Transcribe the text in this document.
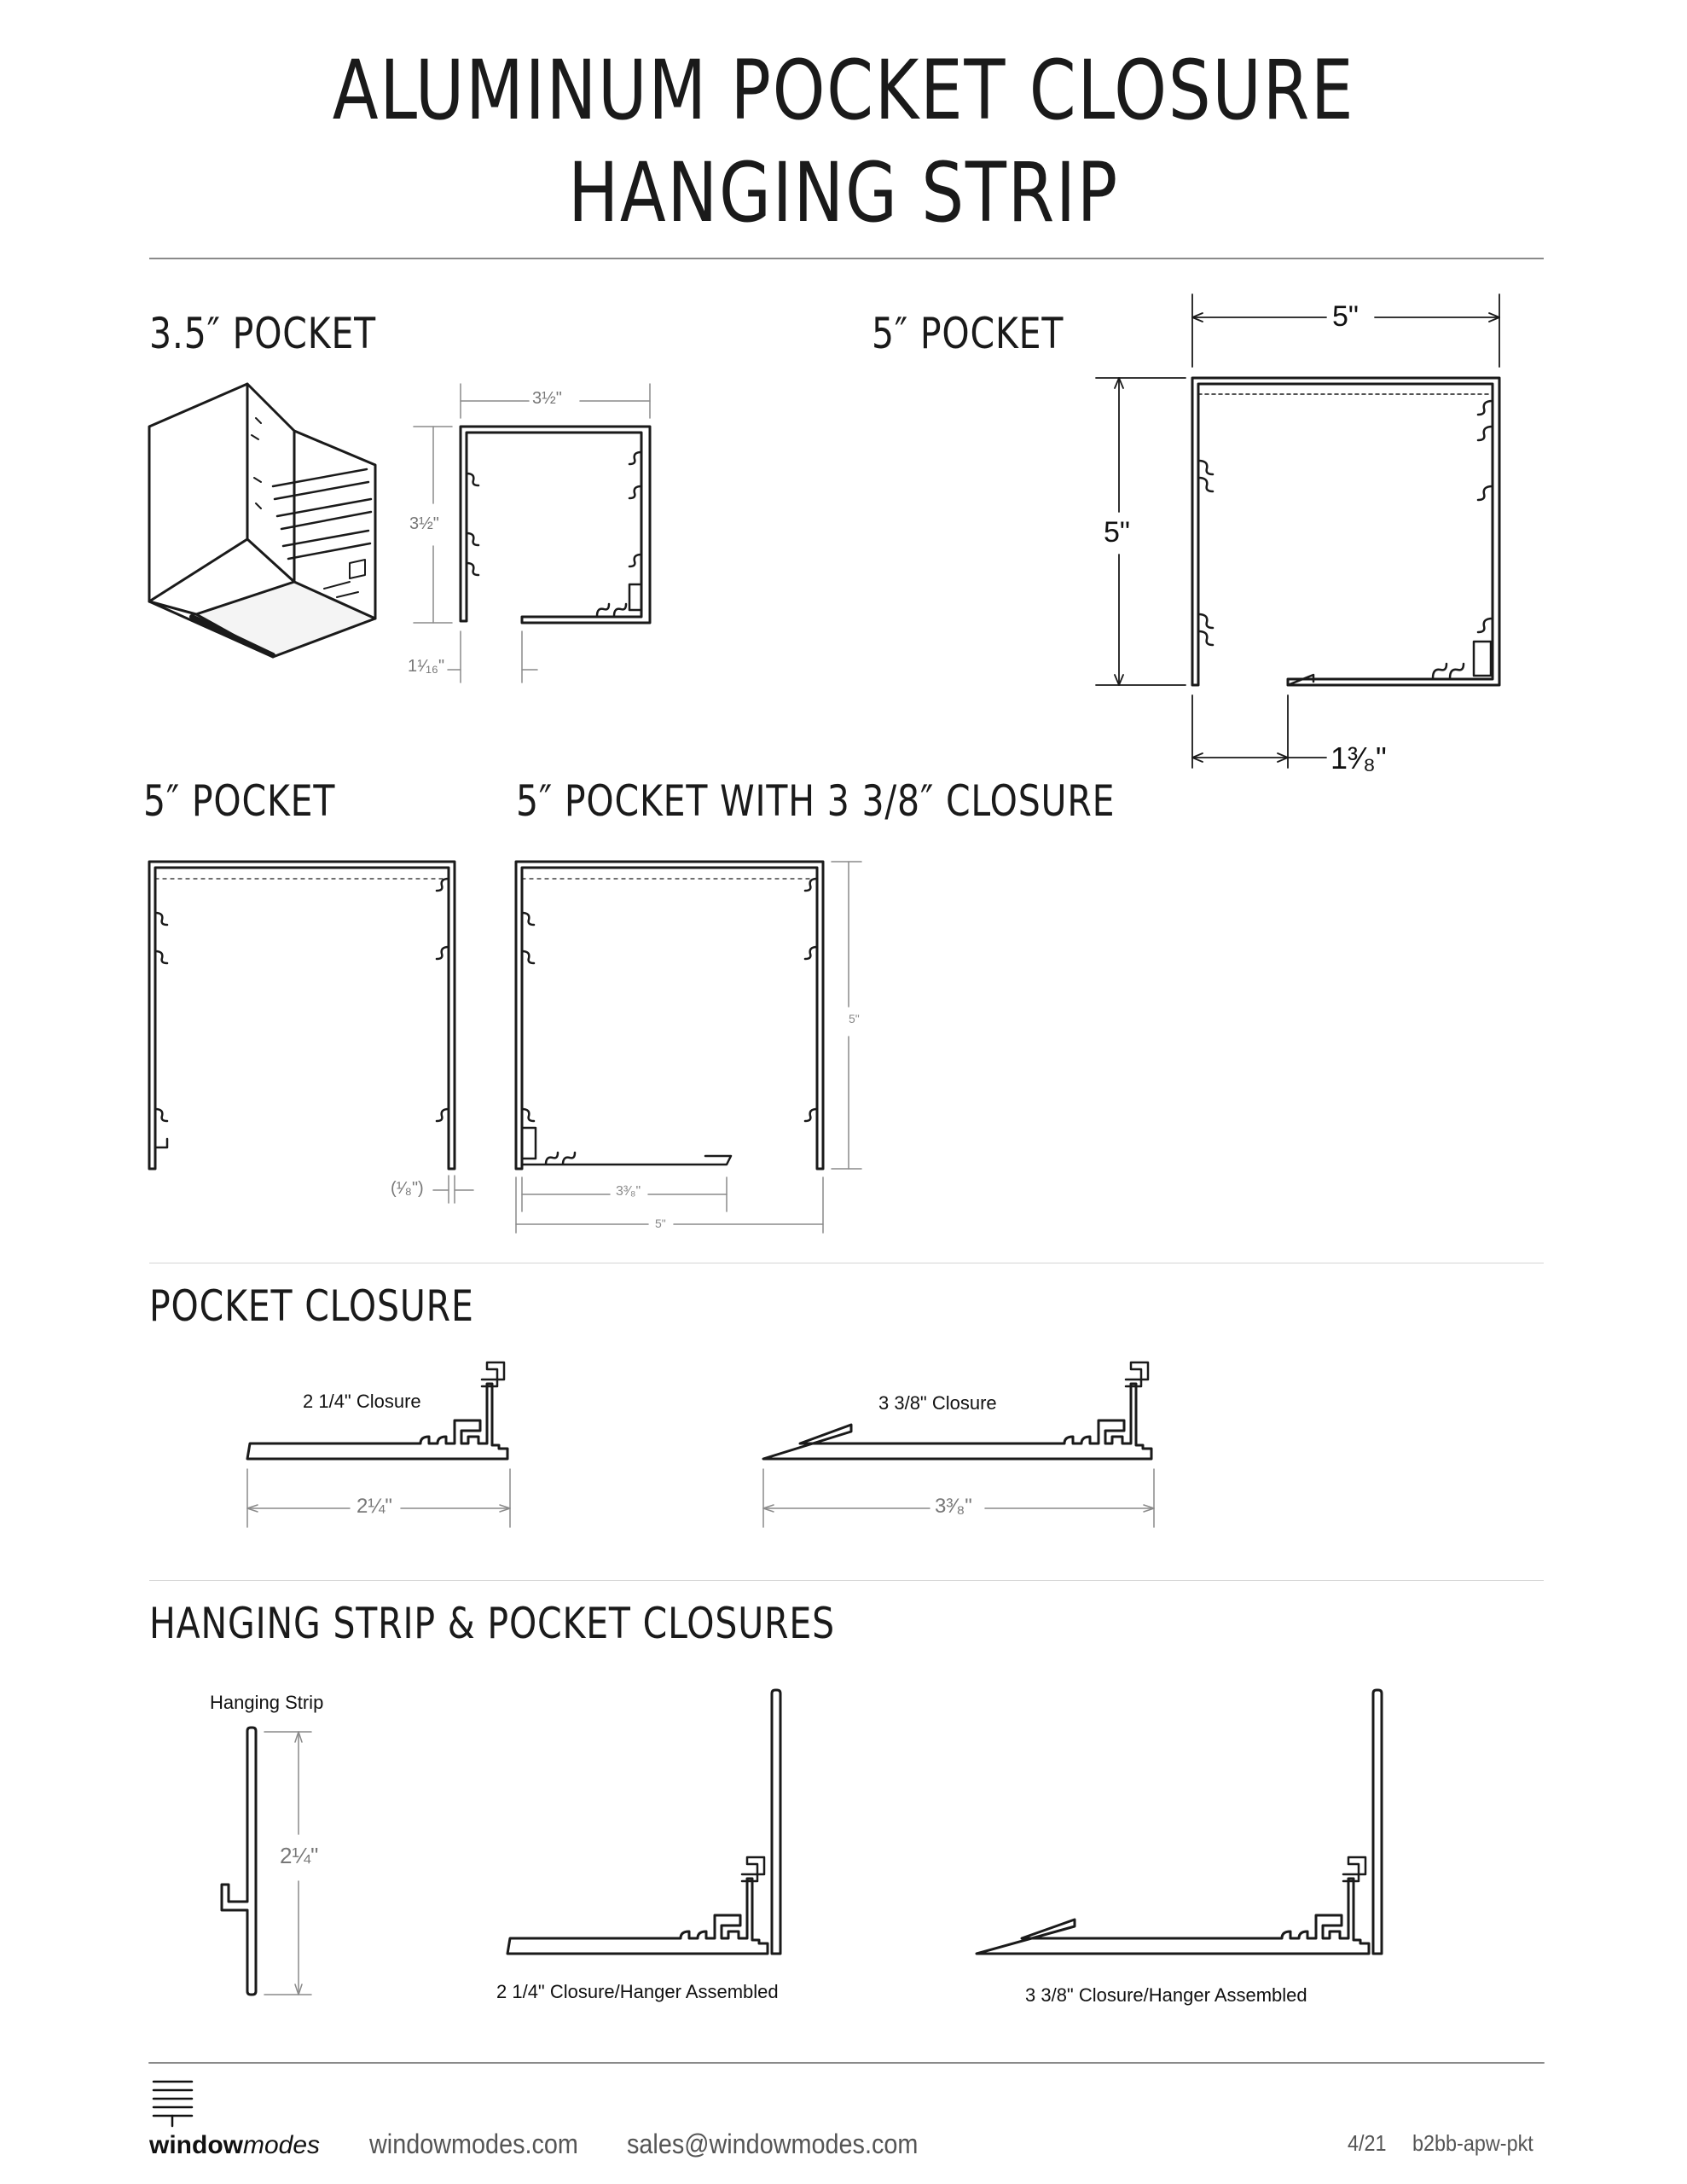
ALUMINUM POCKET CLOSURE
HANGING STRIP
3.5″ POCKET	5″ POCKET
5″ POCKET	5″ POCKET WITH 3 3/8″ CLOSURE
POCKET CLOSURE
HANGING STRIP & POCKET CLOSURES
3½"
3½"
1¹⁄₁₆"
5"
5"
1³⁄₈"
(¹⁄₈")
5"
3³⁄₈"
5"
2 1/4" Closure	3 3/8" Closure
2¼"	3³⁄₈"
Hanging Strip
2¼"
2 1/4" Closure/Hanger Assembled	3 3/8" Closure/Hanger Assembled
windowmodes windowmodes.com sales@windowmodes.com	4/21 b2bb-apw-pkt
